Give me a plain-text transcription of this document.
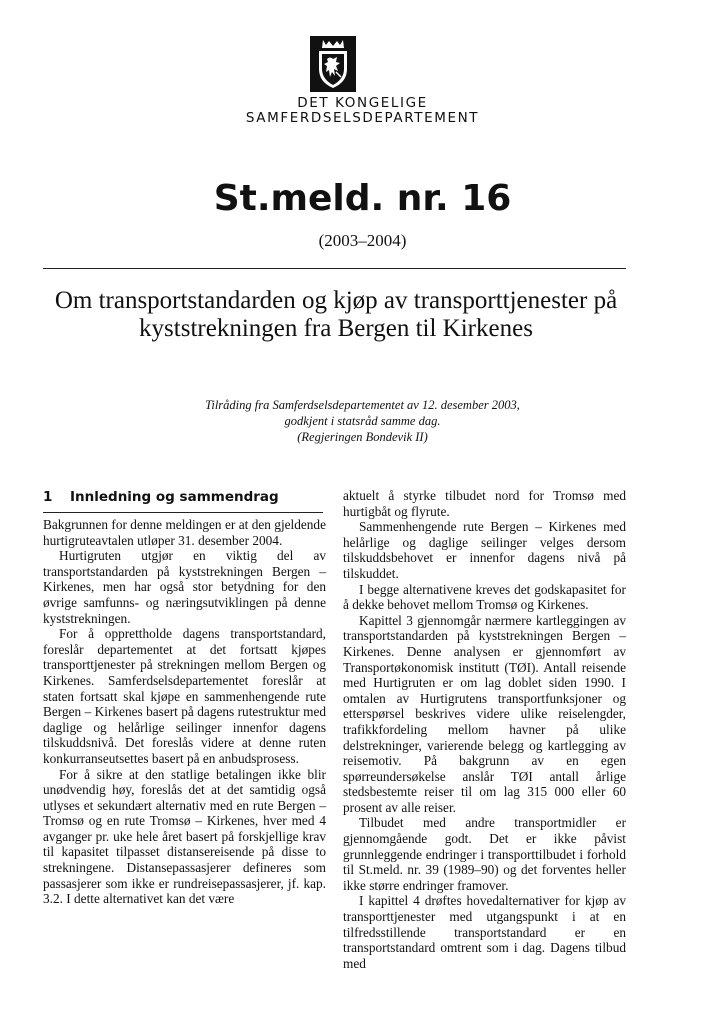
DET KONGELIGE
SAMFERDSELSDEPARTEMENT
St.meld. nr. 16
(2003–2004)
Om transportstandarden og kjøp av transporttjenester på kyststrekningen fra Bergen til Kirkenes
Tilråding fra Samferdselsdepartementet av 12. desember 2003,
godkjent i statsråd samme dag.
(Regjeringen Bondevik II)
1 Innledning og sammendrag

Bakgrunnen for denne meldingen er at den gjeldende hurtigruteavtalen utløper 31. desember 2004.

Hurtigruten utgjør en viktig del av transportstandarden på kyststrekningen Bergen – Kirkenes, men har også stor betydning for den øvrige samfunns- og næringsutviklingen på denne kyststrekningen.

For å opprettholde dagens transportstandard, foreslår departementet at det fortsatt kjøpes transporttjenester på strekningen mellom Bergen og Kirkenes. Samferdselsdepartementet foreslår at staten fortsatt skal kjøpe en sammenhengende rute Bergen – Kirkenes basert på dagens rutestruktur med daglige og helårlige seilinger innenfor dagens tilskuddsnivå. Det foreslås videre at denne ruten konkurranseutsettes basert på en anbudsprosess.

For å sikre at den statlige betalingen ikke blir unødvendig høy, foreslås det at det samtidig også utlyses et sekundært alternativ med en rute Bergen – Tromsø og en rute Tromsø – Kirkenes, hver med 4 avganger pr. uke hele året basert på forskjellige krav til kapasitet tilpasset distansereisende på disse to strekningene. Distansepassasjerer defineres som passasjerer som ikke er rundreisepassasjerer, jf. kap. 3.2. I dette alternativet kan det være

aktuelt å styrke tilbudet nord for Tromsø med hurtigbåt og flyrute.

Sammenhengende rute Bergen – Kirkenes med helårlige og daglige seilinger velges dersom tilskuddsbehovet er innenfor dagens nivå på tilskuddet.

I begge alternativene kreves det godskapasitet for å dekke behovet mellom Tromsø og Kirkenes.

Kapittel 3 gjennomgår nærmere kartleggingen av transportstandarden på kyststrekningen Bergen – Kirkenes. Denne analysen er gjennomført av Transportøkonomisk institutt (TØI). Antall reisende med Hurtigruten er om lag doblet siden 1990. I omtalen av Hurtigrutens transportfunksjoner og etterspørsel beskrives videre ulike reiselengder, trafikkfordeling mellom havner på ulike delstrekninger, varierende belegg og kartlegging av reisemotiv. På bakgrunn av en egen spørreundersøkelse anslår TØI antall årlige stedsbestemte reiser til om lag 315 000 eller 60 prosent av alle reiser.

Tilbudet med andre transportmidler er gjennomgående godt. Det er ikke påvist grunnleggende endringer i transporttilbudet i forhold til St.meld. nr. 39 (1989–90) og det forventes heller ikke større endringer framover.

I kapittel 4 drøftes hovedalternativer for kjøp av transporttjenester med utgangspunkt i at en tilfredsstillende transportstandard er en transportstandard omtrent som i dag. Dagens tilbud med
